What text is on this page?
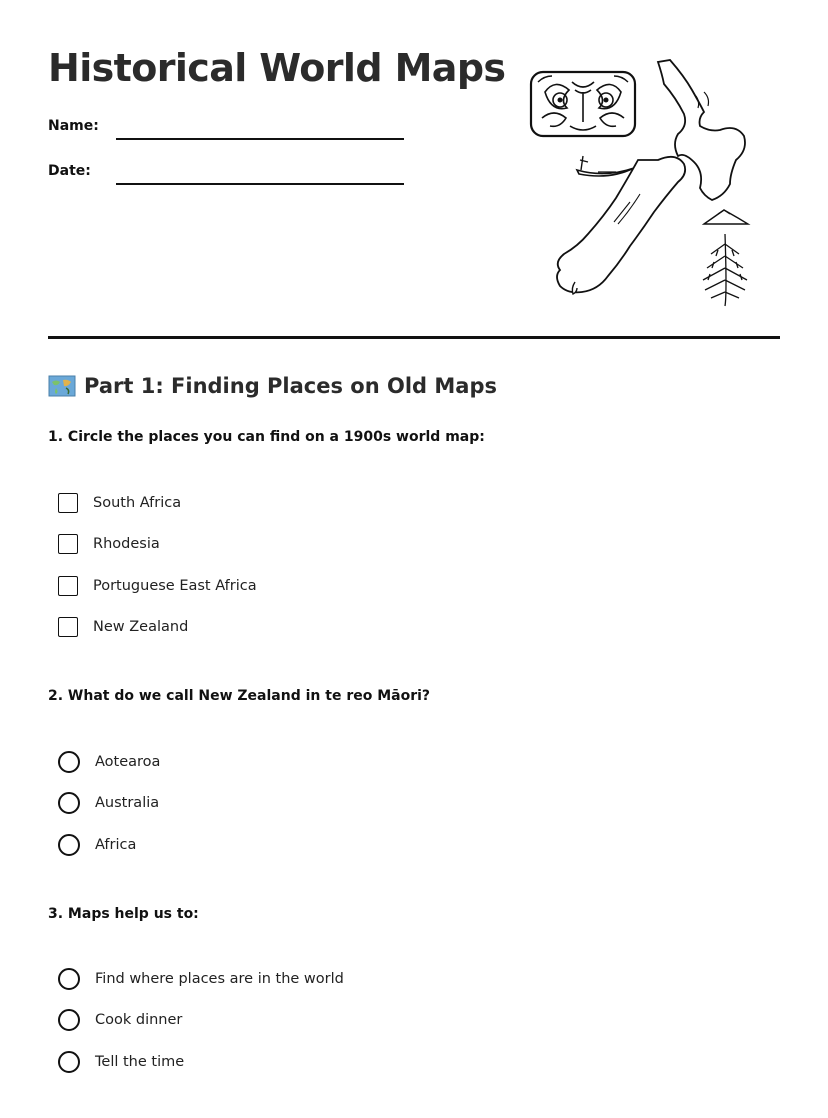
Historical World Maps
Name:
Date:
Part 1: Finding Places on Old Maps

1. Circle the places you can find on a 1900s world map:

South Africa
Rhodesia
Portuguese East Africa
New Zealand

2. What do we call New Zealand in te reo Māori?

Aotearoa
Australia
Africa

3. Maps help us to:

Find where places are in the world
Cook dinner
Tell the time
